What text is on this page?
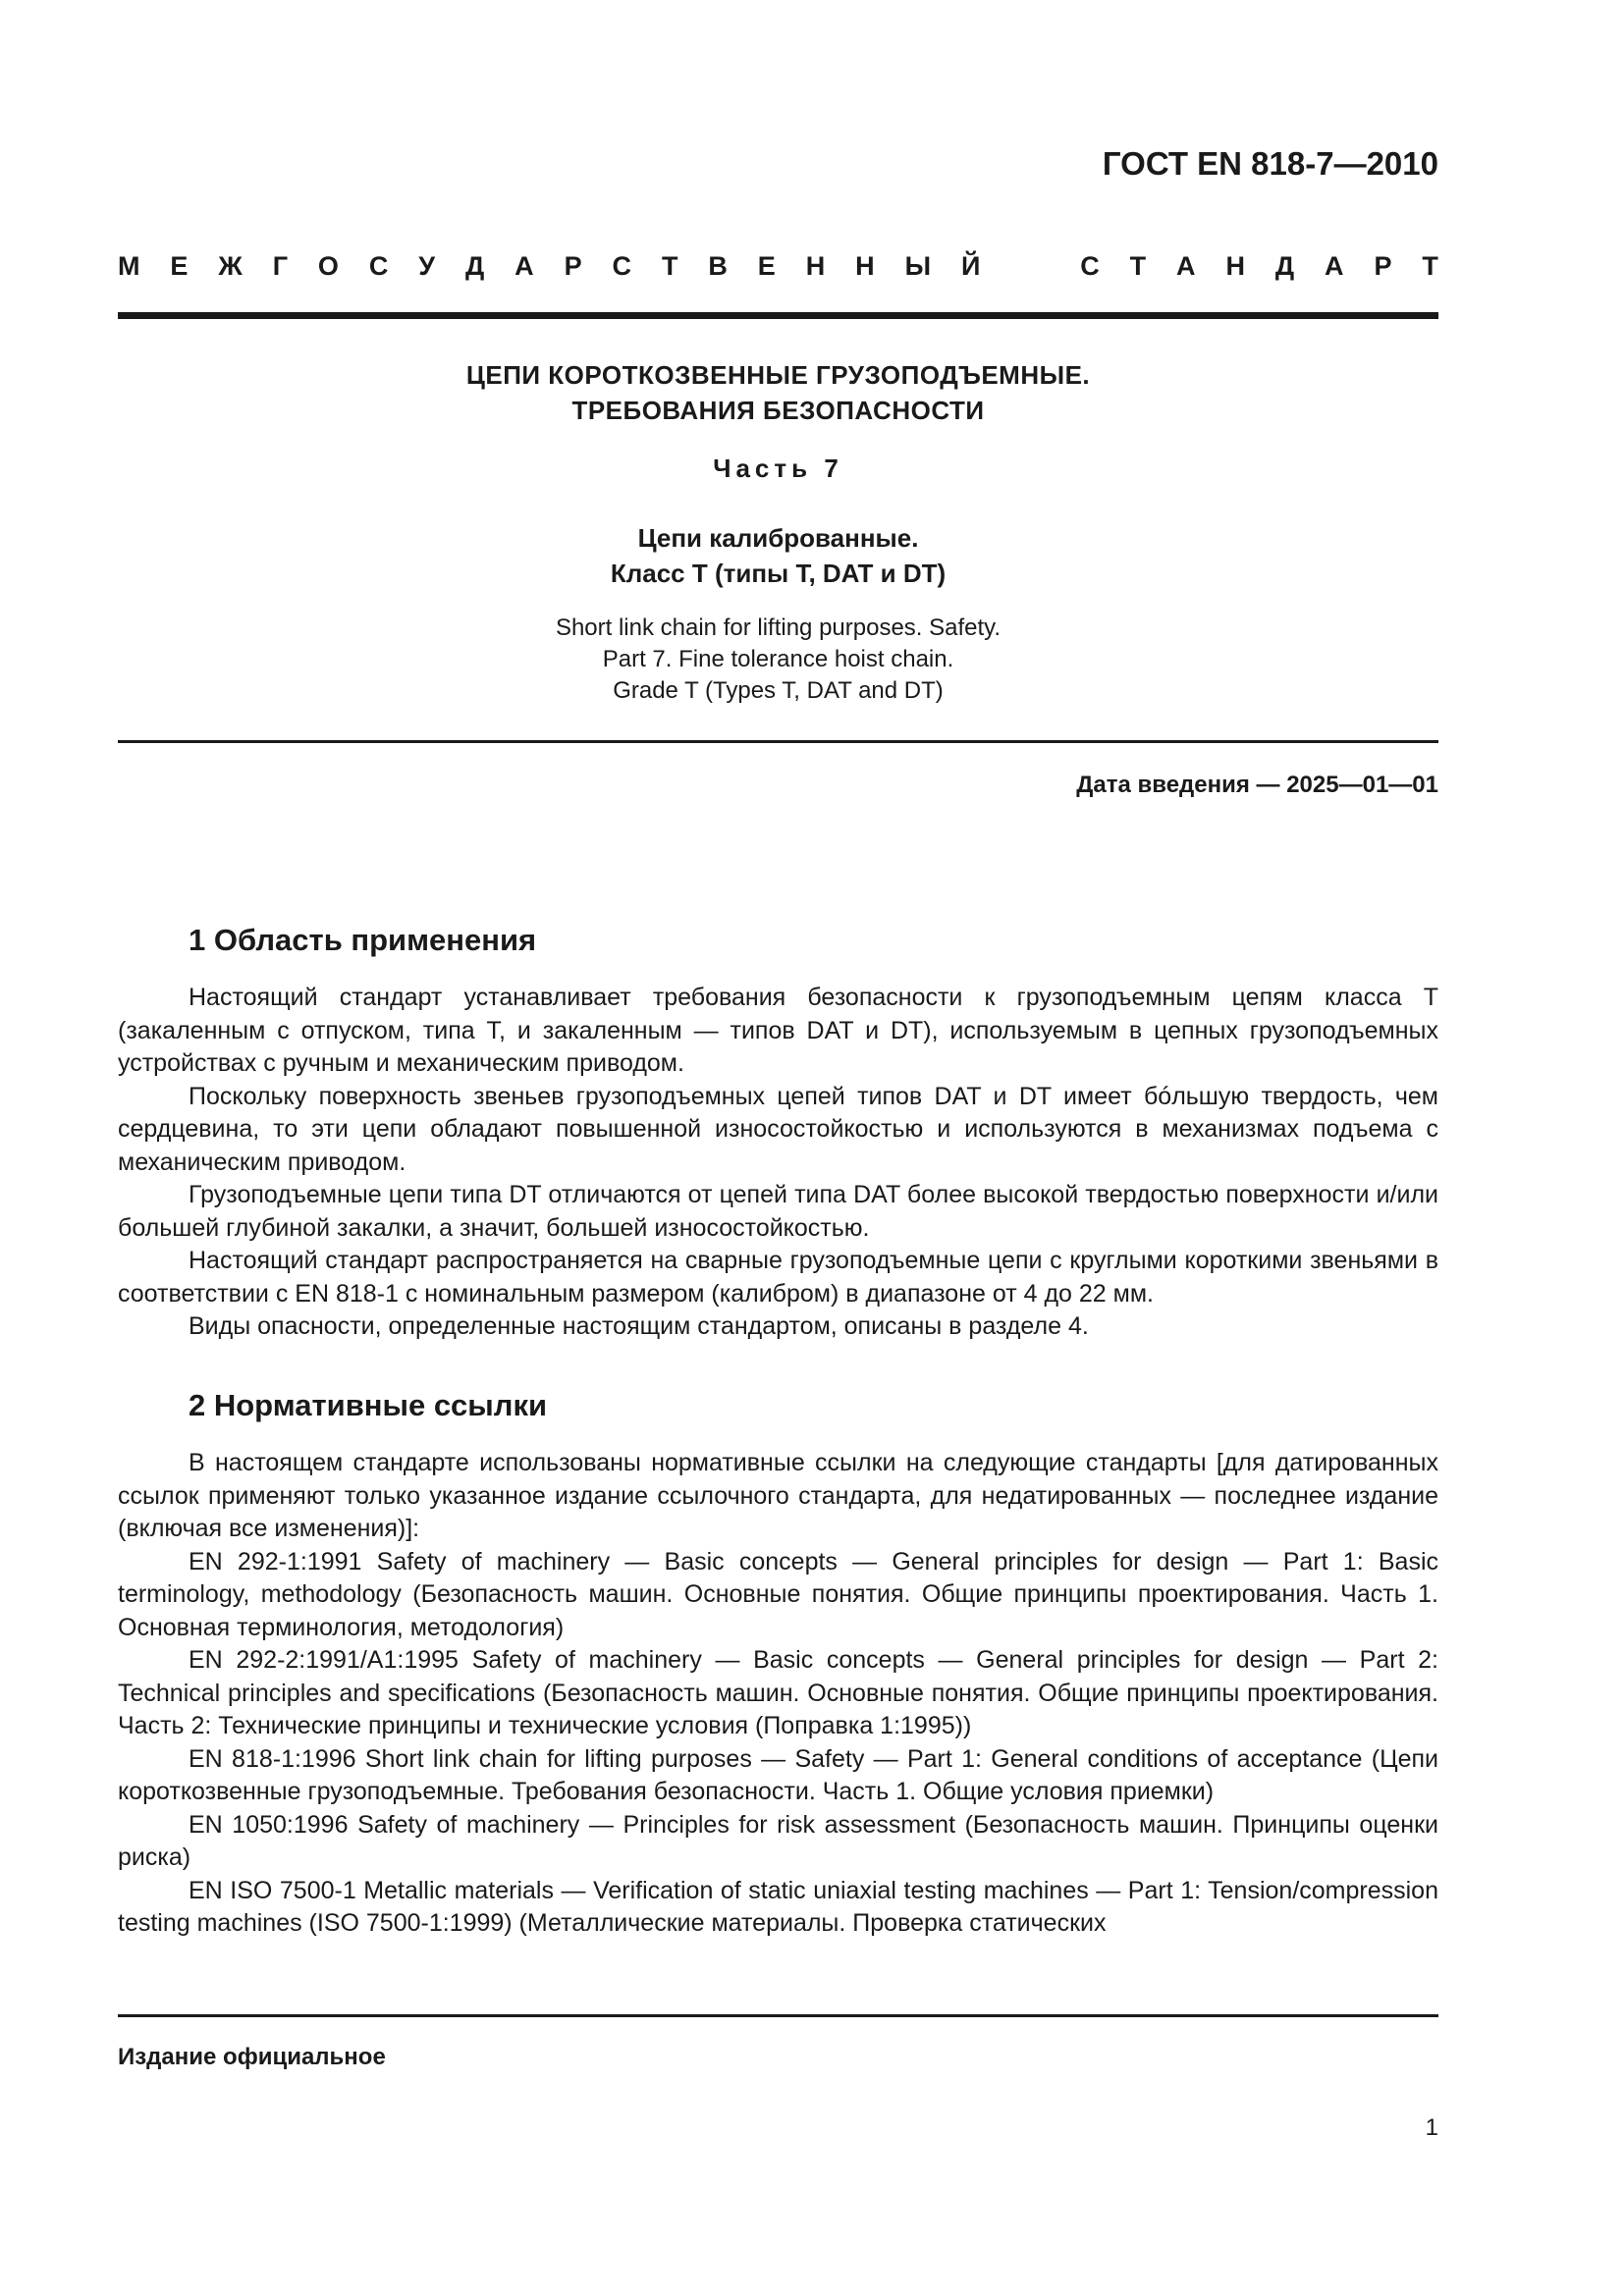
ГОСТ EN 818-7—2010
М Е Ж Г О С У Д А Р С Т В Е Н Н Ы Й	С Т А Н Д А Р Т
ЦЕПИ КОРОТКОЗВЕННЫЕ ГРУЗОПОДЪЕМНЫЕ.
ТРЕБОВАНИЯ БЕЗОПАСНОСТИ
Часть 7
Цепи калиброванные.
Класс Т (типы T, DAT и DT)
Short link chain for lifting purposes. Safety.
Part 7. Fine tolerance hoist chain.
Grade T (Types T, DAT and DT)
Дата введения — 2025—01—01
1 Область применения

Настоящий стандарт устанавливает требования безопасности к грузоподъемным цепям класса Т (закаленным с отпуском, типа Т, и закаленным — типов DAT и DT), используемым в цепных грузоподъемных устройствах с ручным и механическим приводом.

Поскольку поверхность звеньев грузоподъемных цепей типов DAT и DT имеет бóльшую твердость, чем сердцевина, то эти цепи обладают повышенной износостойкостью и используются в механизмах подъема с механическим приводом.

Грузоподъемные цепи типа DT отличаются от цепей типа DAT более высокой твердостью поверхности и/или большей глубиной закалки, а значит, большей износостойкостью.

Настоящий стандарт распространяется на сварные грузоподъемные цепи с круглыми короткими звеньями в соответствии с EN 818-1 с номинальным размером (калибром) в диапазоне от 4 до 22 мм.

Виды опасности, определенные настоящим стандартом, описаны в разделе 4.

2 Нормативные ссылки

В настоящем стандарте использованы нормативные ссылки на следующие стандарты [для датированных ссылок применяют только указанное издание ссылочного стандарта, для недатированных — последнее издание (включая все изменения)]:

EN 292-1:1991 Safety of machinery — Basic concepts — General principles for design — Part 1: Basic terminology, methodology (Безопасность машин. Основные понятия. Общие принципы проектирования. Часть 1. Основная терминология, методология)

EN 292-2:1991/A1:1995 Safety of machinery — Basic concepts — General principles for design — Part 2: Technical principles and specifications (Безопасность машин. Основные понятия. Общие принципы проектирования. Часть 2: Технические принципы и технические условия (Поправка 1:1995))

EN 818-1:1996 Short link chain for lifting purposes — Safety — Part 1: General conditions of acceptance (Цепи короткозвенные грузоподъемные. Требования безопасности. Часть 1. Общие условия приемки)

EN 1050:1996 Safety of machinery — Principles for risk assessment (Безопасность машин. Принципы оценки риска)

EN ISO 7500-1 Metallic materials — Verification of static uniaxial testing machines — Part 1: Tension/compression testing machines (ISO 7500-1:1999) (Металлические материалы. Проверка статических

Издание официальное
1
